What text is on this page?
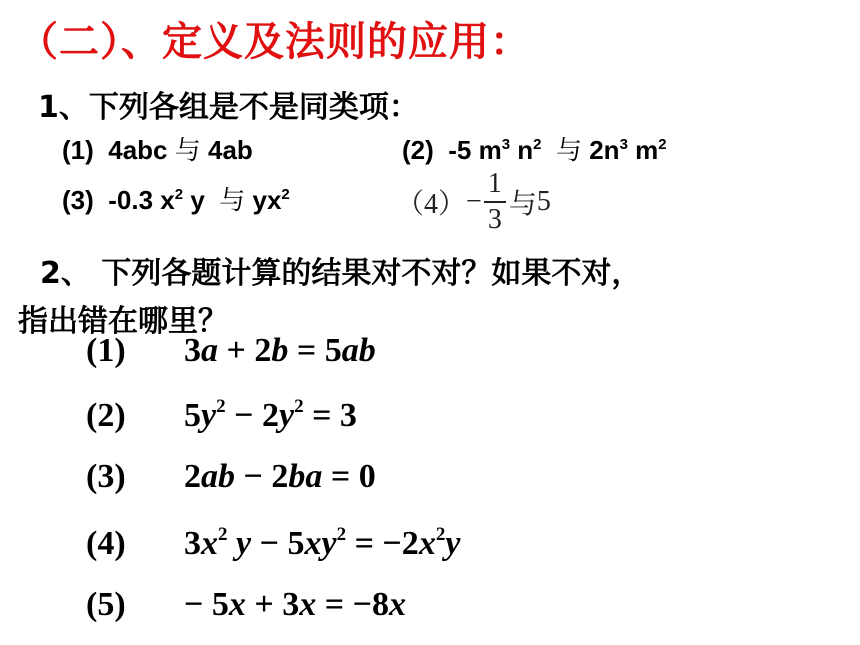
（二）、定义及法则的应用：
1、下列各组是不是同类项：
(1) 4abc 与 4ab	(2) -5 $m^3$ $n^2$ 与 $2n^3$ $m^2$
(3) -0.3 $x^2$ y 与 $yx^2$	$(4) - \frac{1}{3}$ 与 5
2、 下列各题计算的结果对不对？如果不对，
指出错在哪里？
(1) 3a + 2b = 5ab
(2) $5y^2 - 2y^2 = 3$
(3) 2ab − 2ba = 0
(4) $3x^2$ $y - 5xy^2 = -2x^2y$
(5) − 5x + 3x = −8x
